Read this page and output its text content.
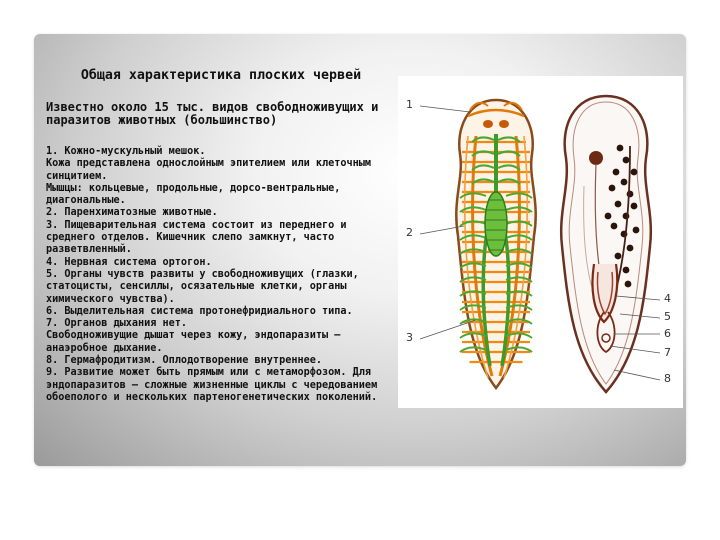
Общая характеристика плоских червей

Известно около 15 тыс. видов свободноживущих и паразитов животных (большинство)

1. Кожно-мускульный мешок.
Кожа представлена однослойным эпителием или клеточным синцитием.
Мышцы: кольцевые, продольные, дорсо-вентральные, диагональные.
2. Паренхиматозные животные.
3. Пищеварительная система состоит из переднего и среднего отделов. Кишечник слепо замкнут, часто разветвленный.
4. Нервная система ортогон.
5. Органы чувств развиты у свободноживущих (глазки, статоцисты, сенсиллы, осязательные клетки, органы химического чувства).
6. Выделительная система протонефридиального типа.
7. Органов дыхания нет.
Свободноживущие дышат через кожу, эндопаразиты – анаэробное дыхание.
8. Гермафродитизм. Оплодотворение внутреннее.
9. Развитие может быть прямым или с метаморфозом. Для эндопаразитов – сложные жизненные циклы с чередованием обоеполого и нескольких партеногенетических поколений.
1
2
3
4
5
6
7
8
